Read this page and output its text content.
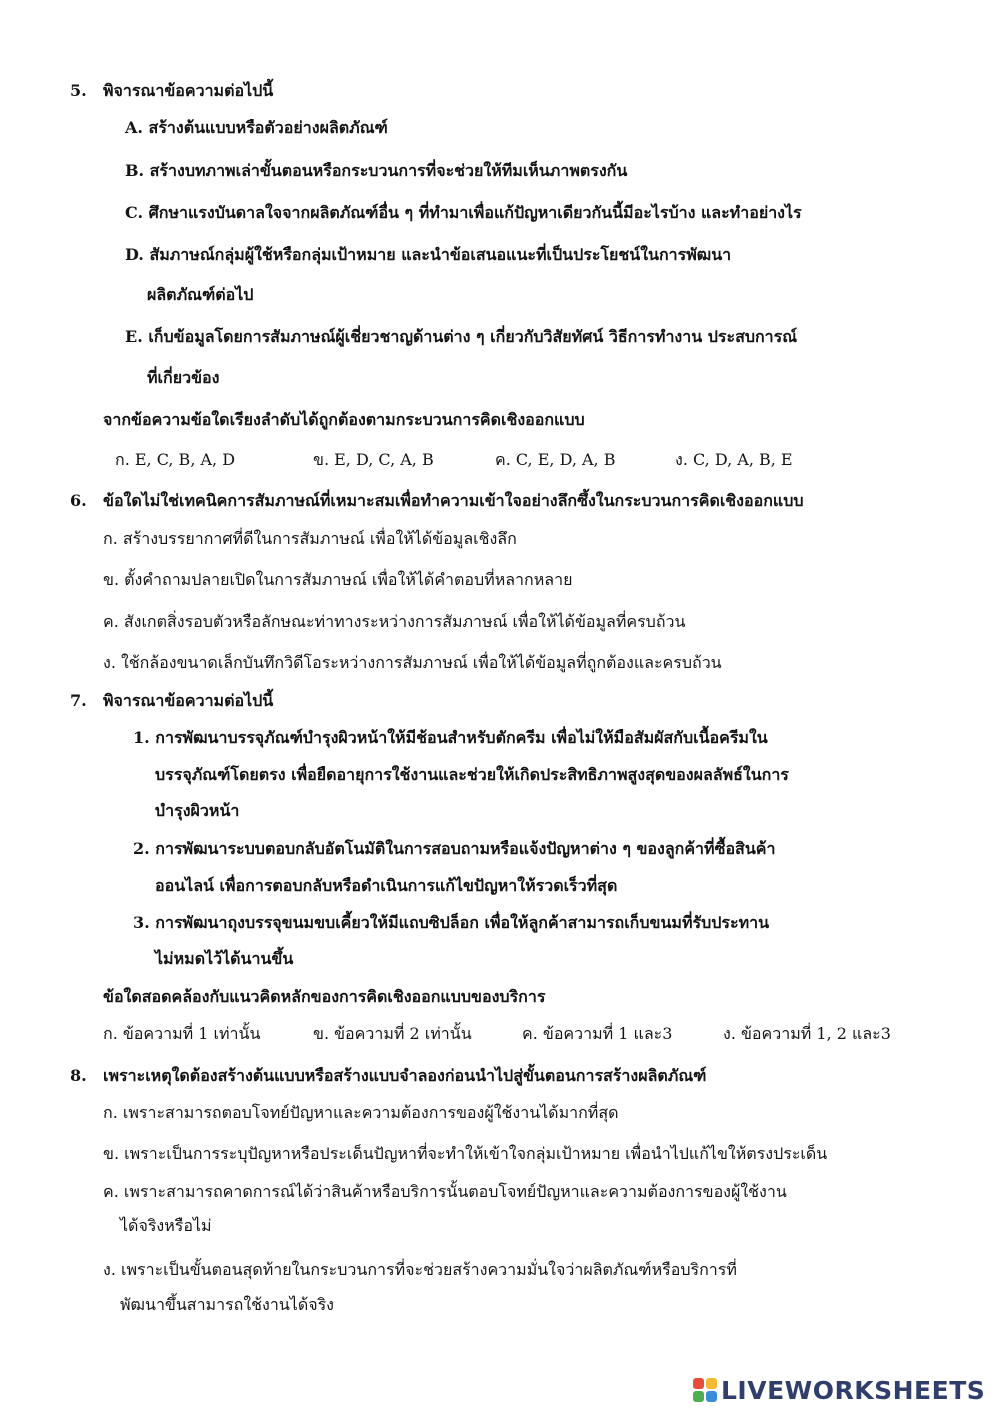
5. พิจารณาข้อความต่อไปนี้
A. สร้างต้นแบบหรือตัวอย่างผลิตภัณฑ์
B. สร้างบทภาพเล่าขั้นตอนหรือกระบวนการที่จะช่วยให้ทีมเห็นภาพตรงกัน
C. ศึกษาแรงบันดาลใจจากผลิตภัณฑ์อื่น ๆ ที่ทำมาเพื่อแก้ปัญหาเดียวกันนี้มีอะไรบ้าง และทำอย่างไร
D. สัมภาษณ์กลุ่มผู้ใช้หรือกลุ่มเป้าหมาย และนำข้อเสนอแนะที่เป็นประโยชน์ในการพัฒนา
ผลิตภัณฑ์ต่อไป
E. เก็บข้อมูลโดยการสัมภาษณ์ผู้เชี่ยวชาญด้านต่าง ๆ เกี่ยวกับวิสัยทัศน์ วิธีการทำงาน ประสบการณ์
ที่เกี่ยวข้อง
จากข้อความข้อใดเรียงลำดับได้ถูกต้องตามกระบวนการคิดเชิงออกแบบ
ก. E, C, B, A, D	ข. E, D, C, A, B	ค. C, E, D, A, B	ง. C, D, A, B, E
6. ข้อใดไม่ใช่เทคนิคการสัมภาษณ์ที่เหมาะสมเพื่อทำความเข้าใจอย่างลึกซึ้งในกระบวนการคิดเชิงออกแบบ
ก. สร้างบรรยากาศที่ดีในการสัมภาษณ์ เพื่อให้ได้ข้อมูลเชิงลึก
ข. ตั้งคำถามปลายเปิดในการสัมภาษณ์ เพื่อให้ได้คำตอบที่หลากหลาย
ค. สังเกตสิ่งรอบตัวหรือลักษณะท่าทางระหว่างการสัมภาษณ์ เพื่อให้ได้ข้อมูลที่ครบถ้วน
ง. ใช้กล้องขนาดเล็กบันทึกวิดีโอระหว่างการสัมภาษณ์ เพื่อให้ได้ข้อมูลที่ถูกต้องและครบถ้วน
7. พิจารณาข้อความต่อไปนี้
1. การพัฒนาบรรจุภัณฑ์บำรุงผิวหน้าให้มีช้อนสำหรับตักครีม เพื่อไม่ให้มือสัมผัสกับเนื้อครีมใน
บรรจุภัณฑ์โดยตรง เพื่อยืดอายุการใช้งานและช่วยให้เกิดประสิทธิภาพสูงสุดของผลลัพธ์ในการ
บำรุงผิวหน้า
2. การพัฒนาระบบตอบกลับอัตโนมัติในการสอบถามหรือแจ้งปัญหาต่าง ๆ ของลูกค้าที่ซื้อสินค้า
ออนไลน์ เพื่อการตอบกลับหรือดำเนินการแก้ไขปัญหาให้รวดเร็วที่สุด
3. การพัฒนาถุงบรรจุขนมขบเคี้ยวให้มีแถบซิปล็อก เพื่อให้ลูกค้าสามารถเก็บขนมที่รับประทาน
ไม่หมดไว้ได้นานขึ้น
ข้อใดสอดคล้องกับแนวคิดหลักของการคิดเชิงออกแบบของบริการ
ก. ข้อความที่ 1 เท่านั้น	ข. ข้อความที่ 2 เท่านั้น	ค. ข้อความที่ 1 และ3	ง. ข้อความที่ 1, 2 และ3
8. เพราะเหตุใดต้องสร้างต้นแบบหรือสร้างแบบจำลองก่อนนำไปสู่ขั้นตอนการสร้างผลิตภัณฑ์
ก. เพราะสามารถตอบโจทย์ปัญหาและความต้องการของผู้ใช้งานได้มากที่สุด
ข. เพราะเป็นการระบุปัญหาหรือประเด็นปัญหาที่จะทำให้เข้าใจกลุ่มเป้าหมาย เพื่อนำไปแก้ไขให้ตรงประเด็น
ค. เพราะสามารถคาดการณ์ได้ว่าสินค้าหรือบริการนั้นตอบโจทย์ปัญหาและความต้องการของผู้ใช้งาน
ได้จริงหรือไม่
ง. เพราะเป็นขั้นตอนสุดท้ายในกระบวนการที่จะช่วยสร้างความมั่นใจว่าผลิตภัณฑ์หรือบริการที่
พัฒนาขึ้นสามารถใช้งานได้จริง
LIVEWORKSHEETS
